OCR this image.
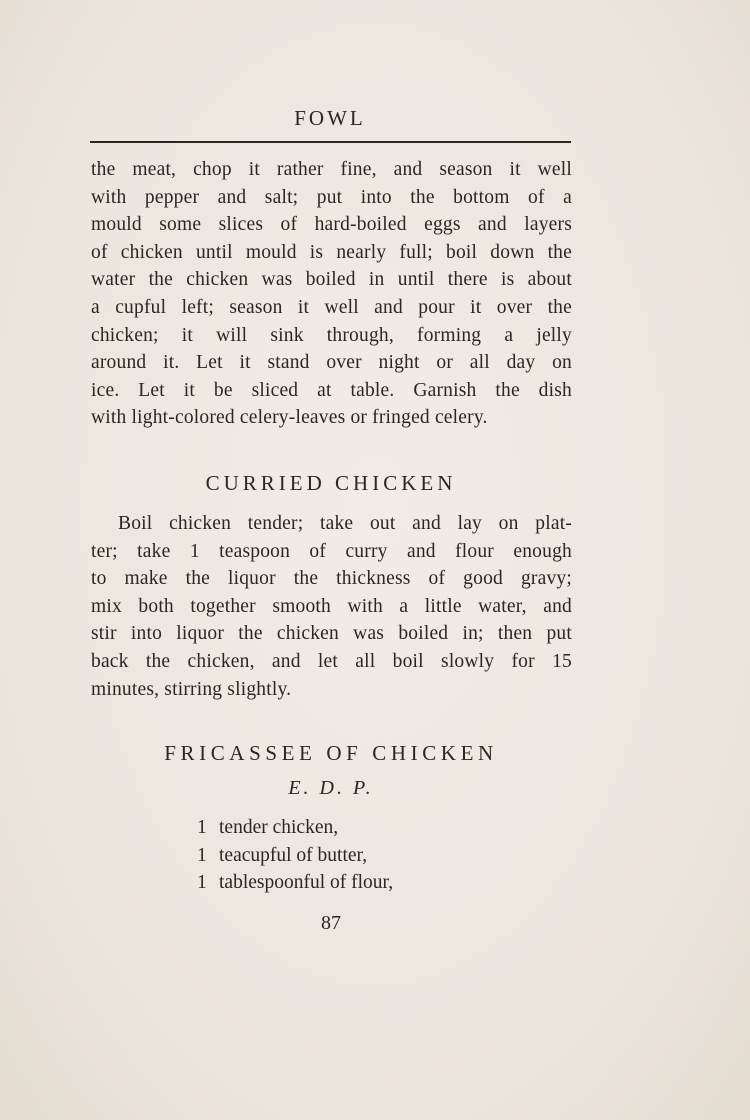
FOWL
the meat, chop it rather fine, and season it well
with pepper and salt; put into the bottom of a
mould some slices of hard-boiled eggs and layers
of chicken until mould is nearly full; boil down the
water the chicken was boiled in until there is about
a cupful left; season it well and pour it over the
chicken; it will sink through, forming a jelly
around it. Let it stand over night or all day on
ice. Let it be sliced at table. Garnish the dish
with light-colored celery-leaves or fringed celery.
CURRIED CHICKEN
Boil chicken tender; take out and lay on plat-
ter; take 1 teaspoon of curry and flour enough
to make the liquor the thickness of good gravy;
mix both together smooth with a little water, and
stir into liquor the chicken was boiled in; then put
back the chicken, and let all boil slowly for 15
minutes, stirring slightly.
FRICASSEE OF CHICKEN
E. D. P.
1 tender chicken,
1 teacupful of butter,
1 tablespoonful of flour,
87
